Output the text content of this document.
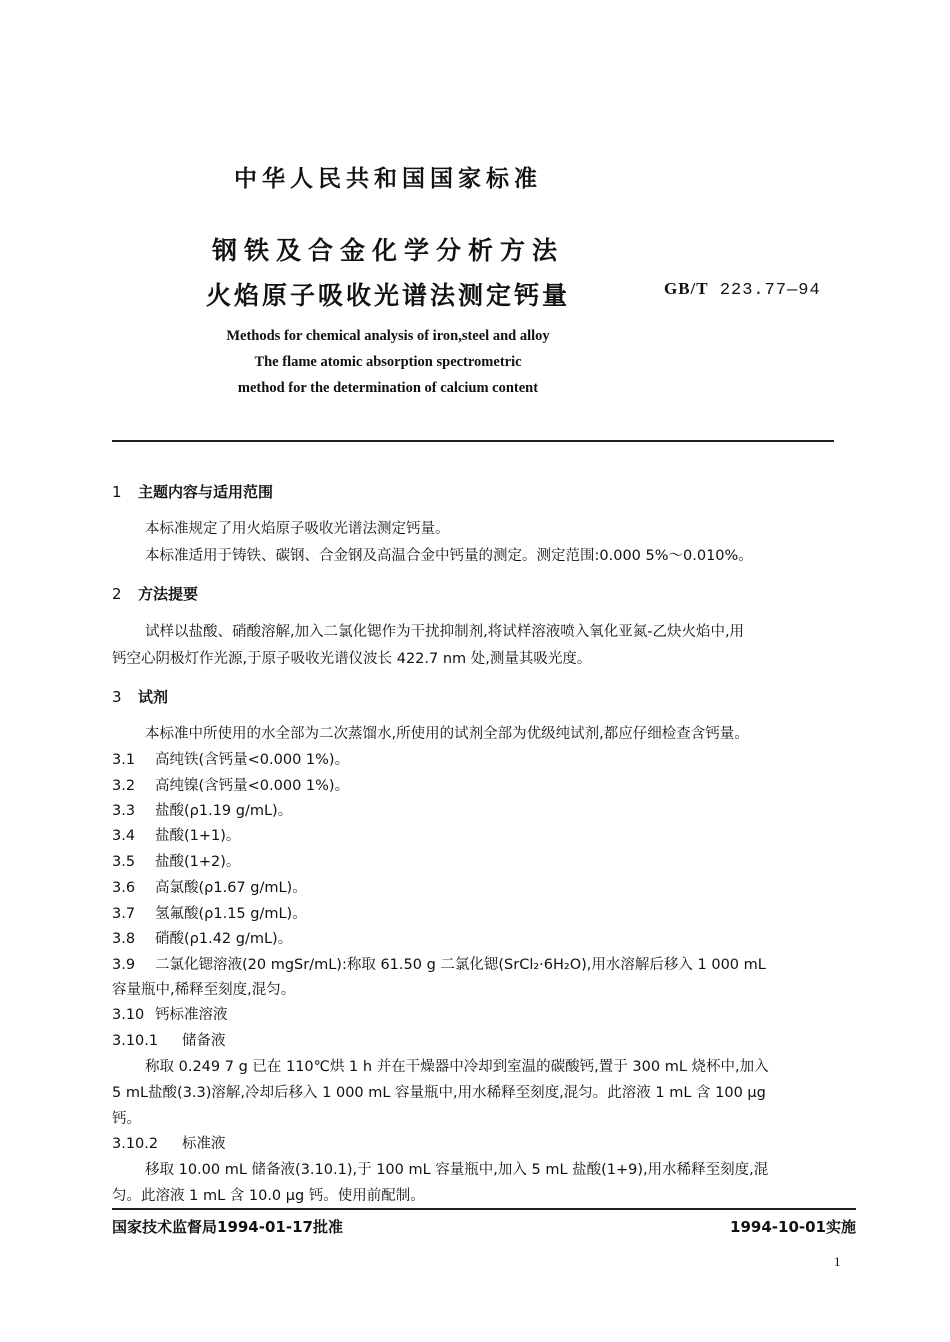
中华人民共和国国家标准
钢铁及合金化学分析方法
火焰原子吸收光谱法测定钙量	GB/T 223.77—94
Methods for chemical analysis of iron,steel and alloy
The flame atomic absorption spectrometric
method for the determination of calcium content
1 主题内容与适用范围
本标准规定了用火焰原子吸收光谱法测定钙量。
本标准适用于铸铁、碳钢、合金钢及高温合金中钙量的测定。测定范围:0.000 5%～0.010%。
2 方法提要
试样以盐酸、硝酸溶解,加入二氯化锶作为干扰抑制剂,将试样溶液喷入氧化亚氮-乙炔火焰中,用
钙空心阴极灯作光源,于原子吸收光谱仪波长 422.7 nm 处,测量其吸光度。
3 试剂
本标准中所使用的水全部为二次蒸馏水,所使用的试剂全部为优级纯试剂,都应仔细检查含钙量。
3.1 高纯铁(含钙量<0.000 1%)。
3.2 高纯镍(含钙量<0.000 1%)。
3.3 盐酸(ρ1.19 g/mL)。
3.4 盐酸(1+1)。
3.5 盐酸(1+2)。
3.6 高氯酸(ρ1.67 g/mL)。
3.7 氢氟酸(ρ1.15 g/mL)。
3.8 硝酸(ρ1.42 g/mL)。
3.9 二氯化锶溶液(20 mgSr/mL):称取 61.50 g 二氯化锶(SrCl₂·6H₂O),用水溶解后移入 1 000 mL
容量瓶中,稀释至刻度,混匀。
3.10 钙标准溶液
3.10.1 储备液
称取 0.249 7 g 已在 110℃烘 1 h 并在干燥器中冷却到室温的碳酸钙,置于 300 mL 烧杯中,加入
5 mL盐酸(3.3)溶解,冷却后移入 1 000 mL 容量瓶中,用水稀释至刻度,混匀。此溶液 1 mL 含 100 μg
钙。
3.10.2 标准液
移取 10.00 mL 储备液(3.10.1),于 100 mL 容量瓶中,加入 5 mL 盐酸(1+9),用水稀释至刻度,混
匀。此溶液 1 mL 含 10.0 μg 钙。使用前配制。
国家技术监督局1994-01-17批准	1994-10-01实施
1
